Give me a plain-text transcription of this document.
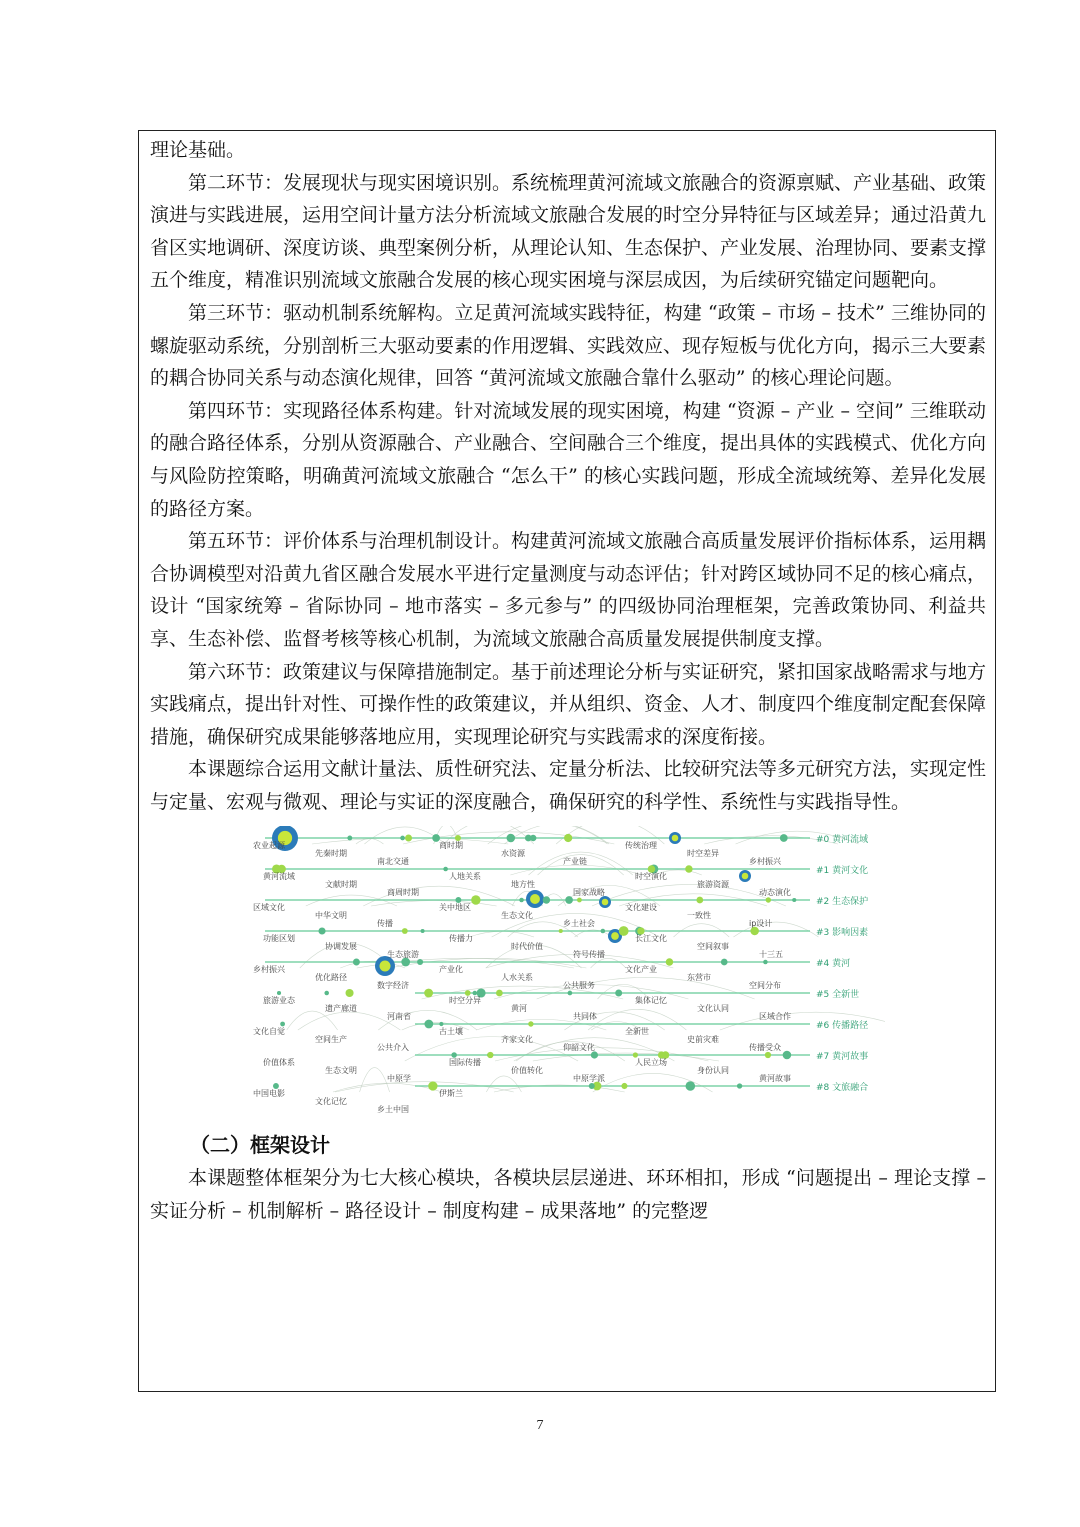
理论基础。

第二环节：发展现状与现实困境识别。系统梳理黄河流域文旅融合的资源禀赋、产业基础、政策演进与实践进展，运用空间计量方法分析流域文旅融合发展的时空分异特征与区域差异；通过沿黄九省区实地调研、深度访谈、典型案例分析，从理论认知、生态保护、产业发展、治理协同、要素支撑五个维度，精准识别流域文旅融合发展的核心现实困境与深层成因，为后续研究锚定问题靶向。

第三环节：驱动机制系统解构。立足黄河流域实践特征，构建 “政策 – 市场 – 技术” 三维协同的螺旋驱动系统，分别剖析三大驱动要素的作用逻辑、实践效应、现存短板与优化方向，揭示三大要素的耦合协同关系与动态演化规律，回答 “黄河流域文旅融合靠什么驱动” 的核心理论问题。

第四环节：实现路径体系构建。针对流域发展的现实困境，构建 “资源 – 产业 – 空间” 三维联动的融合路径体系，分别从资源融合、产业融合、空间融合三个维度，提出具体的实践模式、优化方向与风险防控策略，明确黄河流域文旅融合 “怎么干” 的核心实践问题，形成全流域统筹、差异化发展的路径方案。

第五环节：评价体系与治理机制设计。构建黄河流域文旅融合高质量发展评价指标体系，运用耦合协调模型对沿黄九省区融合发展水平进行定量测度与动态评估；针对跨区域协同不足的核心痛点，设计 “国家统筹 – 省际协同 – 地市落实 – 多元参与” 的四级协同治理框架，完善政策协同、利益共享、生态补偿、监督考核等核心机制，为流域文旅融合高质量发展提供制度支撑。

第六环节：政策建议与保障措施制定。基于前述理论分析与实证研究，紧扣国家战略需求与地方实践痛点，提出针对性、可操作性的政策建议，并从组织、资金、人才、制度四个维度制定配套保障措施，确保研究成果能够落地应用，实现理论研究与实践需求的深度衔接。

本课题综合运用文献计量法、质性研究法、定量分析法、比较研究法等多元研究方法，实现定性与定量、宏观与微观、理论与实证的深度融合，确保研究的科学性、系统性与实践指导性。

#0 黄河流域
#1 黄河文化
#2 生态保护
#3 影响因素
#4 黄河
#5 全新世
#6 传播路径
#7 黄河故事
#8 文旅融合
农业起源
先秦时期
南北交通
商时期
水资源
产业链
传统治理
时空差异
乡村振兴
黄河流域
文献时期
商周时期
人地关系
地方性
国家战略
时空演化
旅游资源
动态演化
区域文化
中华文明
传播
关中地区
生态文化
乡土社会
文化建设
一致性
ip设计
功能区划
协调发展
生态旅游
传播力
时代价值
符号传播
长江文化
空间叙事
十三五
乡村振兴
优化路径
数字经济
产业化
人水关系
公共服务
文化产业
东营市
空间分布
旅游业态
遗产廊道
河南省
时空分异
黄河
共同体
集体记忆
文化认同
区域合作
文化自觉
空间生产
公共介入
古土壤
齐家文化
仰韶文化
全新世
史前灾难
传播受众
价值体系
生态文明
中原学
国际传播
价值转化
中原学派
人民立场
身份认同
黄河故事
中国电影
文化记忆
乡土中国
伊斯兰
（二）框架设计

本课题整体框架分为七大核心模块，各模块层层递进、环环相扣，形成 “问题提出 – 理论支撑 – 实证分析 – 机制解析 – 路径设计 – 制度构建 – 成果落地” 的完整逻

7
